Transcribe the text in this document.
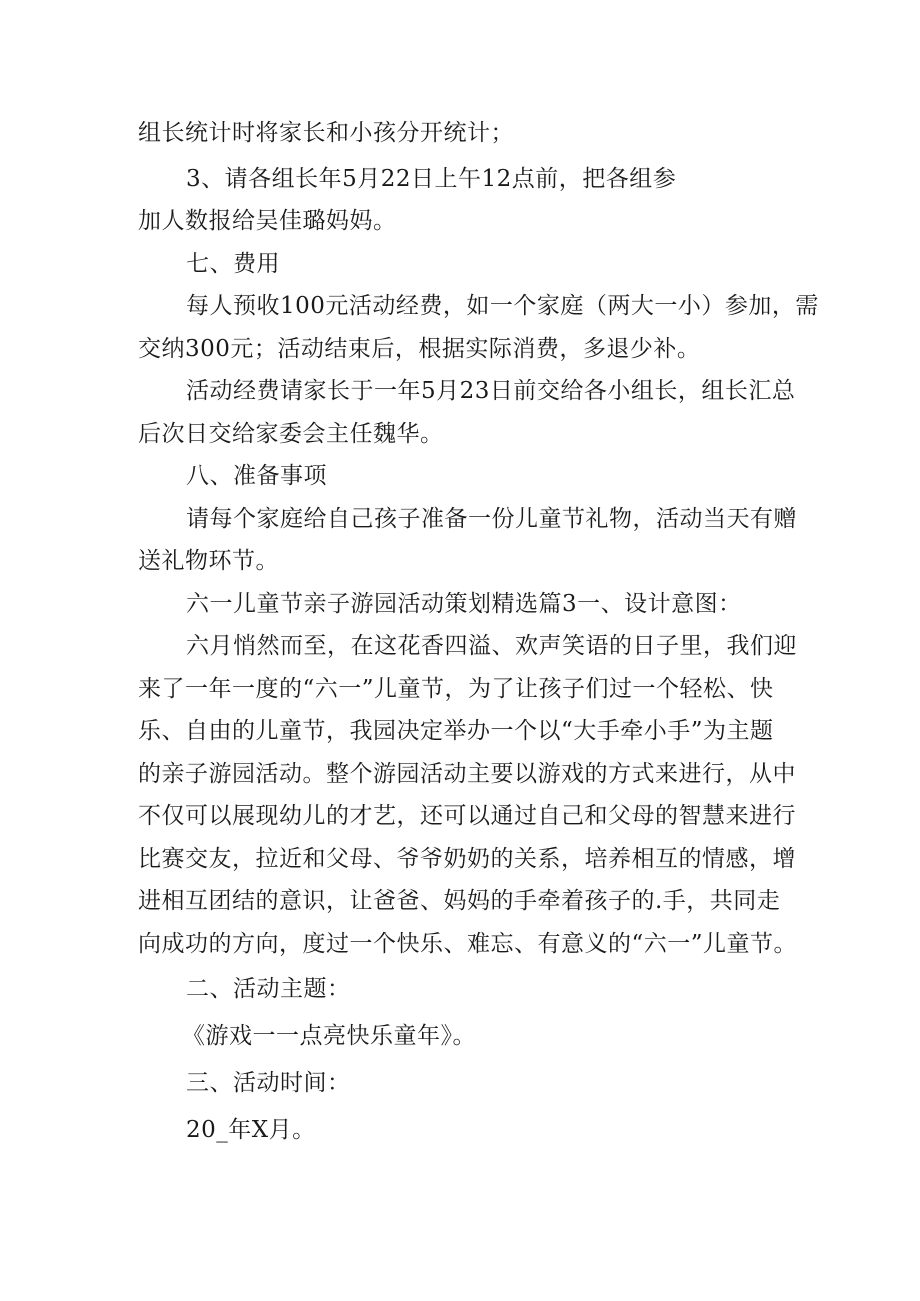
组长统计时将家长和小孩分开统计；
3、请各组长年5月22日上午12点前，把各组参
加人数报给吴佳璐妈妈。
七、费用
每人预收100元活动经费，如一个家庭（两大一小）参加，需
交纳300元；活动结束后，根据实际消费，多退少补。
活动经费请家长于一年5月23日前交给各小组长，组长汇总
后次日交给家委会主任魏华。
八、准备事项
请每个家庭给自己孩子准备一份儿童节礼物，活动当天有赠
送礼物环节。
六一儿童节亲子游园活动策划精选篇3一、设计意图：
六月悄然而至，在这花香四溢、欢声笑语的日子里，我们迎
来了一年一度的“六一”儿童节，为了让孩子们过一个轻松、快
乐、自由的儿童节，我园决定举办一个以“大手牵小手”为主题
的亲子游园活动。整个游园活动主要以游戏的方式来进行，从中
不仅可以展现幼儿的才艺，还可以通过自己和父母的智慧来进行
比赛交友，拉近和父母、爷爷奶奶的关系，培养相互的情感，增
进相互团结的意识，让爸爸、妈妈的手牵着孩子的.手，共同走
向成功的方向，度过一个快乐、难忘、有意义的“六一”儿童节。
二、活动主题：
《游戏一一点亮快乐童年》。
三、活动时间：
20_年X月。
